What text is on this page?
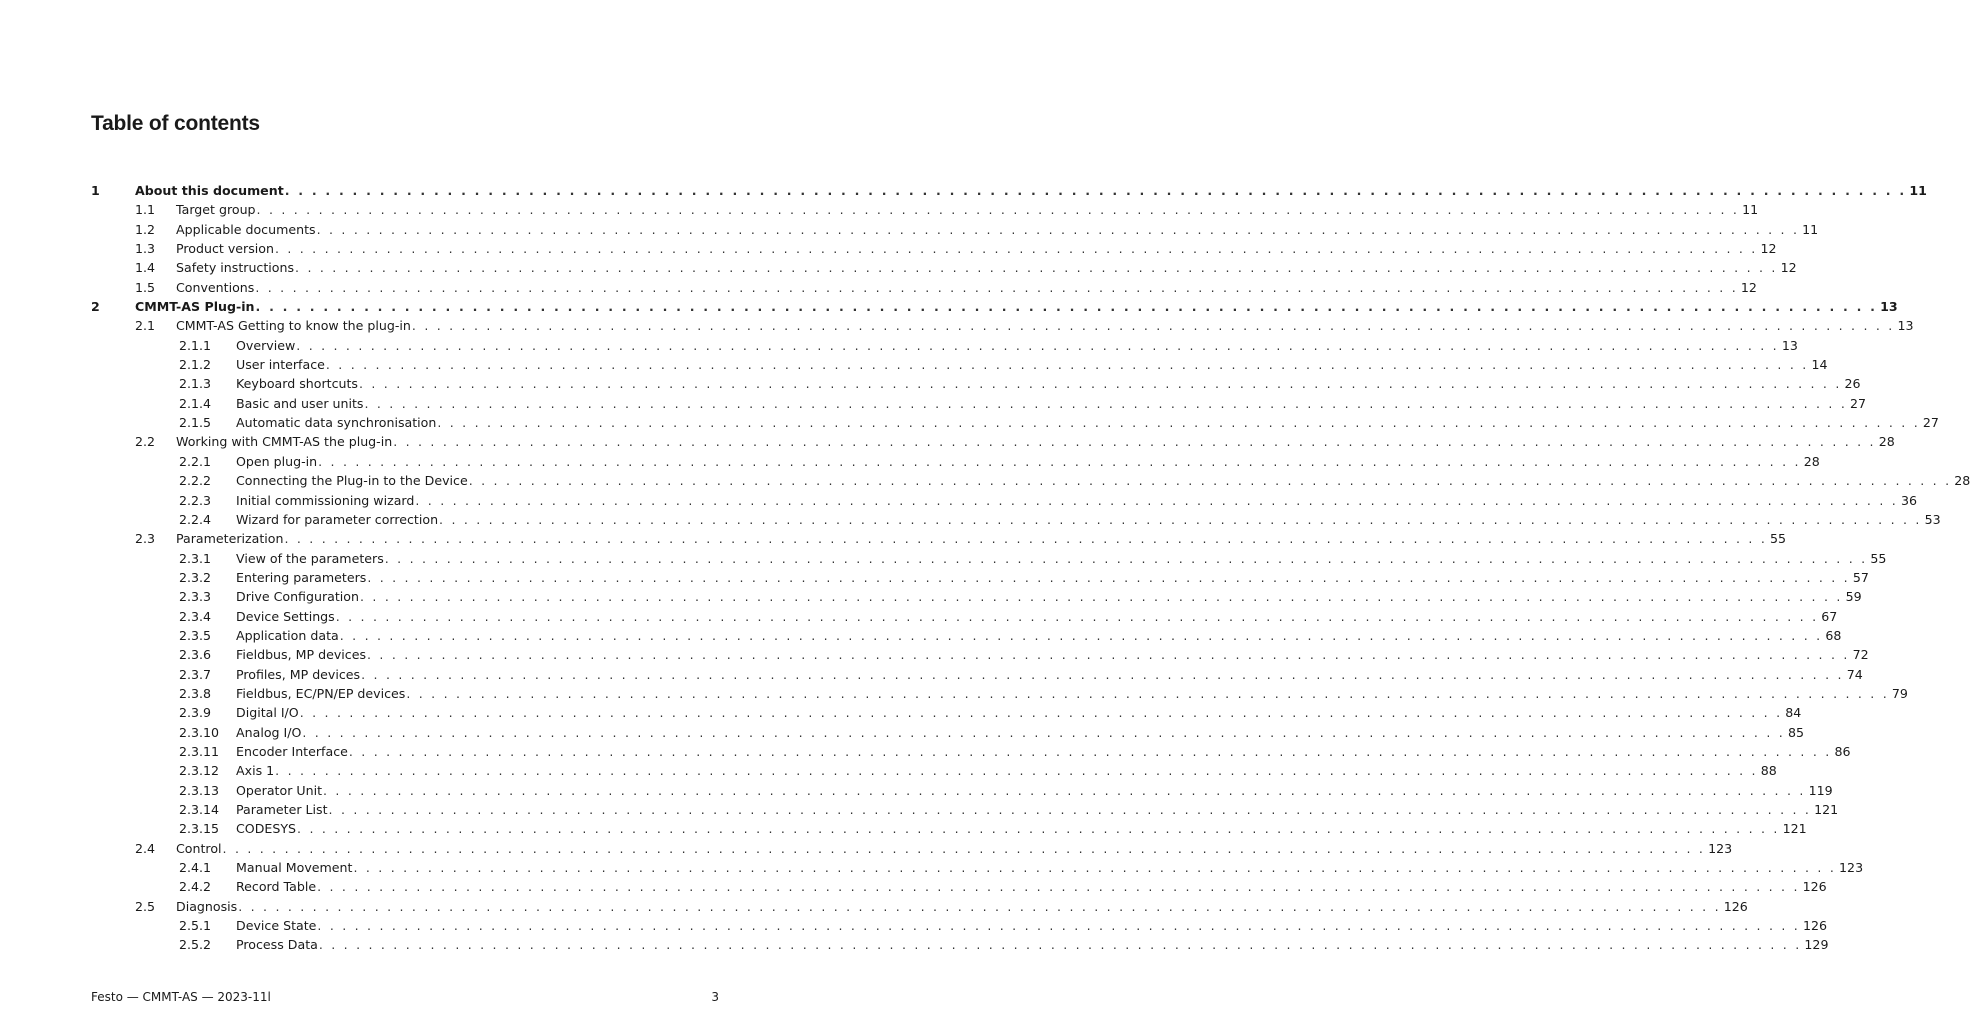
Table of contents
1	About this document . . . . . . . . . . . . . . . . . . . . . . . . . . . . . . . . . . . . . . . . . . . . . . . . . . . . . . . . . . . . . . . . . . . . . . . . . . . . . . . . . . . . . . . . . . . . . . . . . . . . . . . . . . . . . . . . . . . . . . . . 11
1.1 Target group . . . . . . . . . . . . . . . . . . . . . . . . . . . . . . . . . . . . . . . . . . . . . . . . . . . . . . . . . . . . . . . . . . . . . . . . . . . . . . . . . . . . . . . . . . . . . . . . . . . . . . . . . . . . . . . . . . . . . . . . 11
1.2 Applicable documents . . . . . . . . . . . . . . . . . . . . . . . . . . . . . . . . . . . . . . . . . . . . . . . . . . . . . . . . . . . . . . . . . . . . . . . . . . . . . . . . . . . . . . . . . . . . . . . . . . . . . . . . . . . . . . . . . . . . . . . . 11
1.3 Product version . . . . . . . . . . . . . . . . . . . . . . . . . . . . . . . . . . . . . . . . . . . . . . . . . . . . . . . . . . . . . . . . . . . . . . . . . . . . . . . . . . . . . . . . . . . . . . . . . . . . . . . . . . . . . . . . . . . . . . . . 12
1.4 Safety instructions . . . . . . . . . . . . . . . . . . . . . . . . . . . . . . . . . . . . . . . . . . . . . . . . . . . . . . . . . . . . . . . . . . . . . . . . . . . . . . . . . . . . . . . . . . . . . . . . . . . . . . . . . . . . . . . . . . . . . . . . 12
1.5 Conventions . . . . . . . . . . . . . . . . . . . . . . . . . . . . . . . . . . . . . . . . . . . . . . . . . . . . . . . . . . . . . . . . . . . . . . . . . . . . . . . . . . . . . . . . . . . . . . . . . . . . . . . . . . . . . . . . . . . . . . . . 12
2	CMMT-AS Plug-in . . . . . . . . . . . . . . . . . . . . . . . . . . . . . . . . . . . . . . . . . . . . . . . . . . . . . . . . . . . . . . . . . . . . . . . . . . . . . . . . . . . . . . . . . . . . . . . . . . . . . . . . . . . . . . . . . . . . . . . . 13
2.1 CMMT-AS Getting to know the plug-in . . . . . . . . . . . . . . . . . . . . . . . . . . . . . . . . . . . . . . . . . . . . . . . . . . . . . . . . . . . . . . . . . . . . . . . . . . . . . . . . . . . . . . . . . . . . . . . . . . . . . . . . . . . . . . . . . . . . . . . . 13
2.1.1 Overview . . . . . . . . . . . . . . . . . . . . . . . . . . . . . . . . . . . . . . . . . . . . . . . . . . . . . . . . . . . . . . . . . . . . . . . . . . . . . . . . . . . . . . . . . . . . . . . . . . . . . . . . . . . . . . . . . . . . . . . . 13
2.1.2 User interface . . . . . . . . . . . . . . . . . . . . . . . . . . . . . . . . . . . . . . . . . . . . . . . . . . . . . . . . . . . . . . . . . . . . . . . . . . . . . . . . . . . . . . . . . . . . . . . . . . . . . . . . . . . . . . . . . . . . . . . . 14
2.1.3 Keyboard shortcuts . . . . . . . . . . . . . . . . . . . . . . . . . . . . . . . . . . . . . . . . . . . . . . . . . . . . . . . . . . . . . . . . . . . . . . . . . . . . . . . . . . . . . . . . . . . . . . . . . . . . . . . . . . . . . . . . . . . . . . . . 26
2.1.4 Basic and user units . . . . . . . . . . . . . . . . . . . . . . . . . . . . . . . . . . . . . . . . . . . . . . . . . . . . . . . . . . . . . . . . . . . . . . . . . . . . . . . . . . . . . . . . . . . . . . . . . . . . . . . . . . . . . . . . . . . . . . . . 27
2.1.5 Automatic data synchronisation . . . . . . . . . . . . . . . . . . . . . . . . . . . . . . . . . . . . . . . . . . . . . . . . . . . . . . . . . . . . . . . . . . . . . . . . . . . . . . . . . . . . . . . . . . . . . . . . . . . . . . . . . . . . . . . . . . . . . . . . 27
2.2 Working with CMMT-AS the plug-in . . . . . . . . . . . . . . . . . . . . . . . . . . . . . . . . . . . . . . . . . . . . . . . . . . . . . . . . . . . . . . . . . . . . . . . . . . . . . . . . . . . . . . . . . . . . . . . . . . . . . . . . . . . . . . . . . . . . . . . . 28
2.2.1 Open plug-in . . . . . . . . . . . . . . . . . . . . . . . . . . . . . . . . . . . . . . . . . . . . . . . . . . . . . . . . . . . . . . . . . . . . . . . . . . . . . . . . . . . . . . . . . . . . . . . . . . . . . . . . . . . . . . . . . . . . . . . . 28
2.2.2 Connecting the Plug-in to the Device . . . . . . . . . . . . . . . . . . . . . . . . . . . . . . . . . . . . . . . . . . . . . . . . . . . . . . . . . . . . . . . . . . . . . . . . . . . . . . . . . . . . . . . . . . . . . . . . . . . . . . . . . . . . . . . . . . . . . . . . 28
2.2.3 Initial commissioning wizard . . . . . . . . . . . . . . . . . . . . . . . . . . . . . . . . . . . . . . . . . . . . . . . . . . . . . . . . . . . . . . . . . . . . . . . . . . . . . . . . . . . . . . . . . . . . . . . . . . . . . . . . . . . . . . . . . . . . . . . . 36
2.2.4 Wizard for parameter correction . . . . . . . . . . . . . . . . . . . . . . . . . . . . . . . . . . . . . . . . . . . . . . . . . . . . . . . . . . . . . . . . . . . . . . . . . . . . . . . . . . . . . . . . . . . . . . . . . . . . . . . . . . . . . . . . . . . . . . . . 53
2.3 Parameterization . . . . . . . . . . . . . . . . . . . . . . . . . . . . . . . . . . . . . . . . . . . . . . . . . . . . . . . . . . . . . . . . . . . . . . . . . . . . . . . . . . . . . . . . . . . . . . . . . . . . . . . . . . . . . . . . . . . . . . . . 55
2.3.1 View of the parameters . . . . . . . . . . . . . . . . . . . . . . . . . . . . . . . . . . . . . . . . . . . . . . . . . . . . . . . . . . . . . . . . . . . . . . . . . . . . . . . . . . . . . . . . . . . . . . . . . . . . . . . . . . . . . . . . . . . . . . . . 55
2.3.2 Entering parameters . . . . . . . . . . . . . . . . . . . . . . . . . . . . . . . . . . . . . . . . . . . . . . . . . . . . . . . . . . . . . . . . . . . . . . . . . . . . . . . . . . . . . . . . . . . . . . . . . . . . . . . . . . . . . . . . . . . . . . . . 57
2.3.3 Drive Configuration . . . . . . . . . . . . . . . . . . . . . . . . . . . . . . . . . . . . . . . . . . . . . . . . . . . . . . . . . . . . . . . . . . . . . . . . . . . . . . . . . . . . . . . . . . . . . . . . . . . . . . . . . . . . . . . . . . . . . . . . 59
2.3.4 Device Settings . . . . . . . . . . . . . . . . . . . . . . . . . . . . . . . . . . . . . . . . . . . . . . . . . . . . . . . . . . . . . . . . . . . . . . . . . . . . . . . . . . . . . . . . . . . . . . . . . . . . . . . . . . . . . . . . . . . . . . . . 67
2.3.5 Application data . . . . . . . . . . . . . . . . . . . . . . . . . . . . . . . . . . . . . . . . . . . . . . . . . . . . . . . . . . . . . . . . . . . . . . . . . . . . . . . . . . . . . . . . . . . . . . . . . . . . . . . . . . . . . . . . . . . . . . . . 68
2.3.6 Fieldbus, MP devices . . . . . . . . . . . . . . . . . . . . . . . . . . . . . . . . . . . . . . . . . . . . . . . . . . . . . . . . . . . . . . . . . . . . . . . . . . . . . . . . . . . . . . . . . . . . . . . . . . . . . . . . . . . . . . . . . . . . . . . . 72
2.3.7 Profiles, MP devices . . . . . . . . . . . . . . . . . . . . . . . . . . . . . . . . . . . . . . . . . . . . . . . . . . . . . . . . . . . . . . . . . . . . . . . . . . . . . . . . . . . . . . . . . . . . . . . . . . . . . . . . . . . . . . . . . . . . . . . . 74
2.3.8 Fieldbus, EC/PN/EP devices . . . . . . . . . . . . . . . . . . . . . . . . . . . . . . . . . . . . . . . . . . . . . . . . . . . . . . . . . . . . . . . . . . . . . . . . . . . . . . . . . . . . . . . . . . . . . . . . . . . . . . . . . . . . . . . . . . . . . . . . 79
2.3.9 Digital I/O . . . . . . . . . . . . . . . . . . . . . . . . . . . . . . . . . . . . . . . . . . . . . . . . . . . . . . . . . . . . . . . . . . . . . . . . . . . . . . . . . . . . . . . . . . . . . . . . . . . . . . . . . . . . . . . . . . . . . . . . 84
2.3.10 Analog I/O . . . . . . . . . . . . . . . . . . . . . . . . . . . . . . . . . . . . . . . . . . . . . . . . . . . . . . . . . . . . . . . . . . . . . . . . . . . . . . . . . . . . . . . . . . . . . . . . . . . . . . . . . . . . . . . . . . . . . . . . 85
2.3.11 Encoder Interface . . . . . . . . . . . . . . . . . . . . . . . . . . . . . . . . . . . . . . . . . . . . . . . . . . . . . . . . . . . . . . . . . . . . . . . . . . . . . . . . . . . . . . . . . . . . . . . . . . . . . . . . . . . . . . . . . . . . . . . . 86
2.3.12 Axis 1 . . . . . . . . . . . . . . . . . . . . . . . . . . . . . . . . . . . . . . . . . . . . . . . . . . . . . . . . . . . . . . . . . . . . . . . . . . . . . . . . . . . . . . . . . . . . . . . . . . . . . . . . . . . . . . . . . . . . . . . . 88
2.3.13 Operator Unit . . . . . . . . . . . . . . . . . . . . . . . . . . . . . . . . . . . . . . . . . . . . . . . . . . . . . . . . . . . . . . . . . . . . . . . . . . . . . . . . . . . . . . . . . . . . . . . . . . . . . . . . . . . . . . . . . . . . . . . . 119
2.3.14 Parameter List . . . . . . . . . . . . . . . . . . . . . . . . . . . . . . . . . . . . . . . . . . . . . . . . . . . . . . . . . . . . . . . . . . . . . . . . . . . . . . . . . . . . . . . . . . . . . . . . . . . . . . . . . . . . . . . . . . . . . . . . 121
2.3.15 CODESYS . . . . . . . . . . . . . . . . . . . . . . . . . . . . . . . . . . . . . . . . . . . . . . . . . . . . . . . . . . . . . . . . . . . . . . . . . . . . . . . . . . . . . . . . . . . . . . . . . . . . . . . . . . . . . . . . . . . . . . . . 121
2.4 Control . . . . . . . . . . . . . . . . . . . . . . . . . . . . . . . . . . . . . . . . . . . . . . . . . . . . . . . . . . . . . . . . . . . . . . . . . . . . . . . . . . . . . . . . . . . . . . . . . . . . . . . . . . . . . . . . . . . . . . . . 123
2.4.1 Manual Movement . . . . . . . . . . . . . . . . . . . . . . . . . . . . . . . . . . . . . . . . . . . . . . . . . . . . . . . . . . . . . . . . . . . . . . . . . . . . . . . . . . . . . . . . . . . . . . . . . . . . . . . . . . . . . . . . . . . . . . . . 123
2.4.2 Record Table . . . . . . . . . . . . . . . . . . . . . . . . . . . . . . . . . . . . . . . . . . . . . . . . . . . . . . . . . . . . . . . . . . . . . . . . . . . . . . . . . . . . . . . . . . . . . . . . . . . . . . . . . . . . . . . . . . . . . . . . 126
2.5 Diagnosis . . . . . . . . . . . . . . . . . . . . . . . . . . . . . . . . . . . . . . . . . . . . . . . . . . . . . . . . . . . . . . . . . . . . . . . . . . . . . . . . . . . . . . . . . . . . . . . . . . . . . . . . . . . . . . . . . . . . . . . . 126
2.5.1 Device State . . . . . . . . . . . . . . . . . . . . . . . . . . . . . . . . . . . . . . . . . . . . . . . . . . . . . . . . . . . . . . . . . . . . . . . . . . . . . . . . . . . . . . . . . . . . . . . . . . . . . . . . . . . . . . . . . . . . . . . . 126
2.5.2 Process Data . . . . . . . . . . . . . . . . . . . . . . . . . . . . . . . . . . . . . . . . . . . . . . . . . . . . . . . . . . . . . . . . . . . . . . . . . . . . . . . . . . . . . . . . . . . . . . . . . . . . . . . . . . . . . . . . . . . . . . . . 129
Festo — CMMT-AS — 2023-11l	3
